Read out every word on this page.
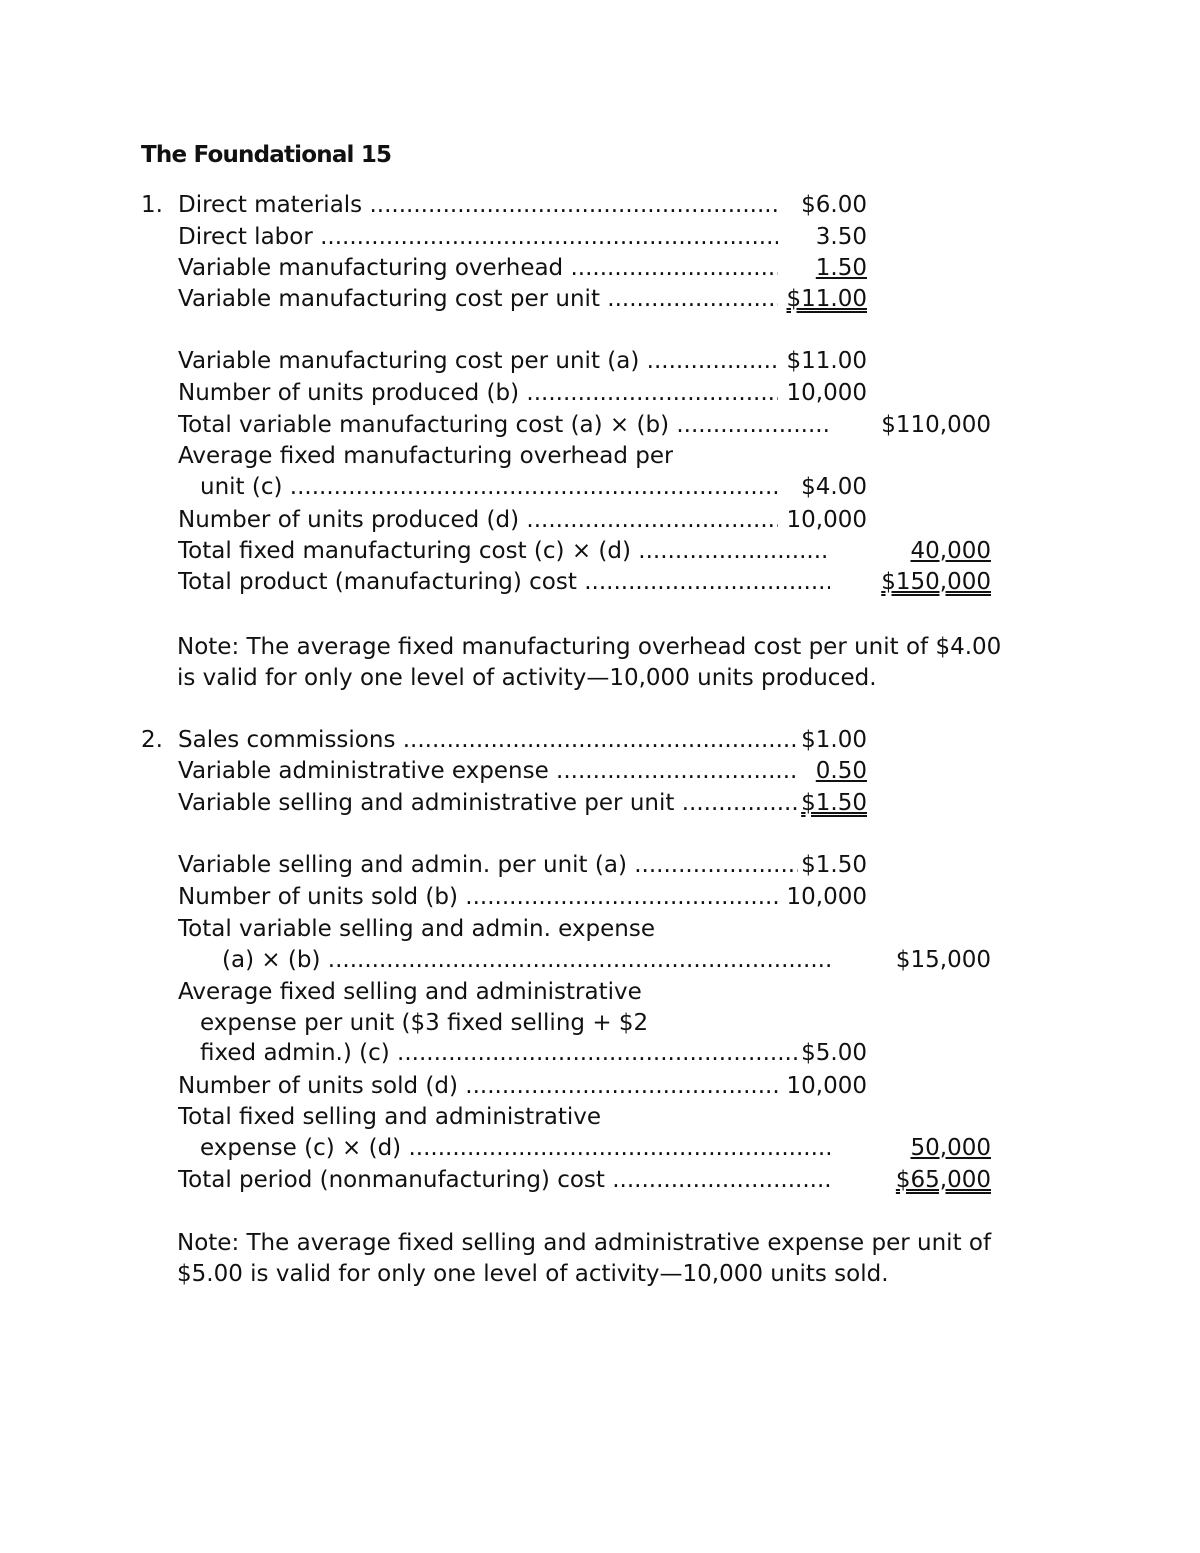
The Foundational 15
1. Direct materials .....	$6.00
Direct labor .....	3.50
Variable manufacturing overhead .....	1.50
Variable manufacturing cost per unit .....	$11.00
Variable manufacturing cost per unit (a) .....	$11.00
Number of units produced (b) .....	10,000
Total variable manufacturing cost (a) × (b) .....	$110,000
Average fixed manufacturing overhead per
unit (c) .....	$4.00
Number of units produced (d) .....	10,000
Total fixed manufacturing cost (c) × (d) .....	40,000
Total product (manufacturing) cost .....	$150,000

Note: The average fixed manufacturing overhead cost per unit of $4.00

is valid for only one level of activity—10,000 units produced.

2. Sales commissions .....	$1.00
Variable administrative expense .....	0.50
Variable selling and administrative per unit .....	$1.50
Variable selling and admin. per unit (a) .....	$1.50
Number of units sold (b) .....	10,000
Total variable selling and admin. expense
(a) × (b) .....	$15,000
Average fixed selling and administrative
expense per unit ($3 fixed selling + $2
fixed admin.) (c) .....	$5.00
Number of units sold (d) .....	10,000
Total fixed selling and administrative
expense (c) × (d) .....	50,000
Total period (nonmanufacturing) cost .....	$65,000

Note: The average fixed selling and administrative expense per unit of

$5.00 is valid for only one level of activity—10,000 units sold.
